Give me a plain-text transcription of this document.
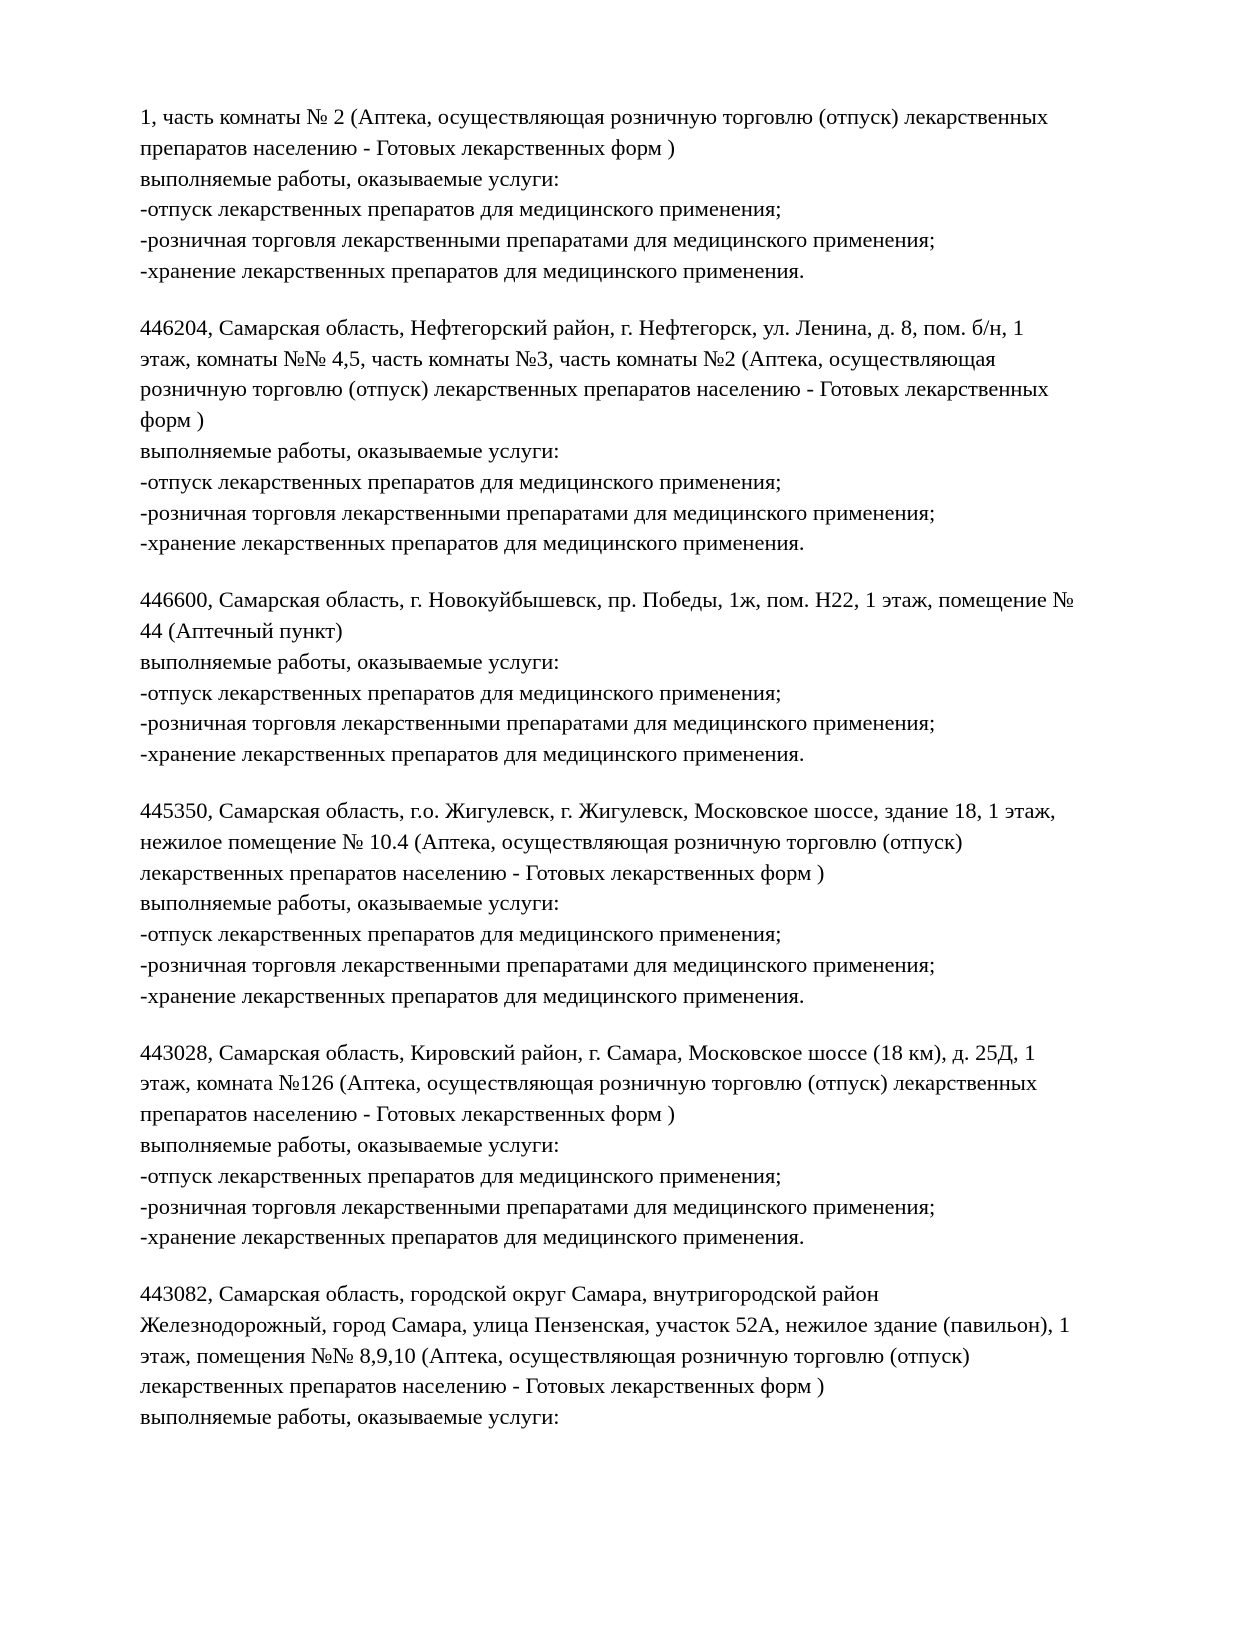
1, часть комнаты № 2 (Аптека, осуществляющая розничную торговлю (отпуск) лекарственных
препаратов населению - Готовых лекарственных форм )
выполняемые работы, оказываемые услуги:
-отпуск лекарственных препаратов для медицинского применения;
-розничная торговля лекарственными препаратами для медицинского применения;
-хранение лекарственных препаратов для медицинского применения.

446204, Самарская область, Нефтегорский район, г. Нефтегорск, ул. Ленина, д. 8, пом. б/н, 1
этаж, комнаты №№ 4,5, часть комнаты №3, часть комнаты №2 (Аптека, осуществляющая
розничную торговлю (отпуск) лекарственных препаратов населению - Готовых лекарственных
форм )
выполняемые работы, оказываемые услуги:
-отпуск лекарственных препаратов для медицинского применения;
-розничная торговля лекарственными препаратами для медицинского применения;
-хранение лекарственных препаратов для медицинского применения.

446600, Самарская область, г. Новокуйбышевск, пр. Победы, 1ж, пом. Н22, 1 этаж, помещение №
44 (Аптечный пункт)
выполняемые работы, оказываемые услуги:
-отпуск лекарственных препаратов для медицинского применения;
-розничная торговля лекарственными препаратами для медицинского применения;
-хранение лекарственных препаратов для медицинского применения.

445350, Самарская область, г.о. Жигулевск, г. Жигулевск, Московское шоссе, здание 18, 1 этаж,
нежилое помещение № 10.4 (Аптека, осуществляющая розничную торговлю (отпуск)
лекарственных препаратов населению - Готовых лекарственных форм )
выполняемые работы, оказываемые услуги:
-отпуск лекарственных препаратов для медицинского применения;
-розничная торговля лекарственными препаратами для медицинского применения;
-хранение лекарственных препаратов для медицинского применения.

443028, Самарская область, Кировский район, г. Самара, Московское шоссе (18 км), д. 25Д, 1
этаж, комната №126 (Аптека, осуществляющая розничную торговлю (отпуск) лекарственных
препаратов населению - Готовых лекарственных форм )
выполняемые работы, оказываемые услуги:
-отпуск лекарственных препаратов для медицинского применения;
-розничная торговля лекарственными препаратами для медицинского применения;
-хранение лекарственных препаратов для медицинского применения.

443082, Самарская область, городской округ Самара, внутригородской район
Железнодорожный, город Самара, улица Пензенская, участок 52А, нежилое здание (павильон), 1
этаж, помещения №№ 8,9,10 (Аптека, осуществляющая розничную торговлю (отпуск)
лекарственных препаратов населению - Готовых лекарственных форм )
выполняемые работы, оказываемые услуги:
